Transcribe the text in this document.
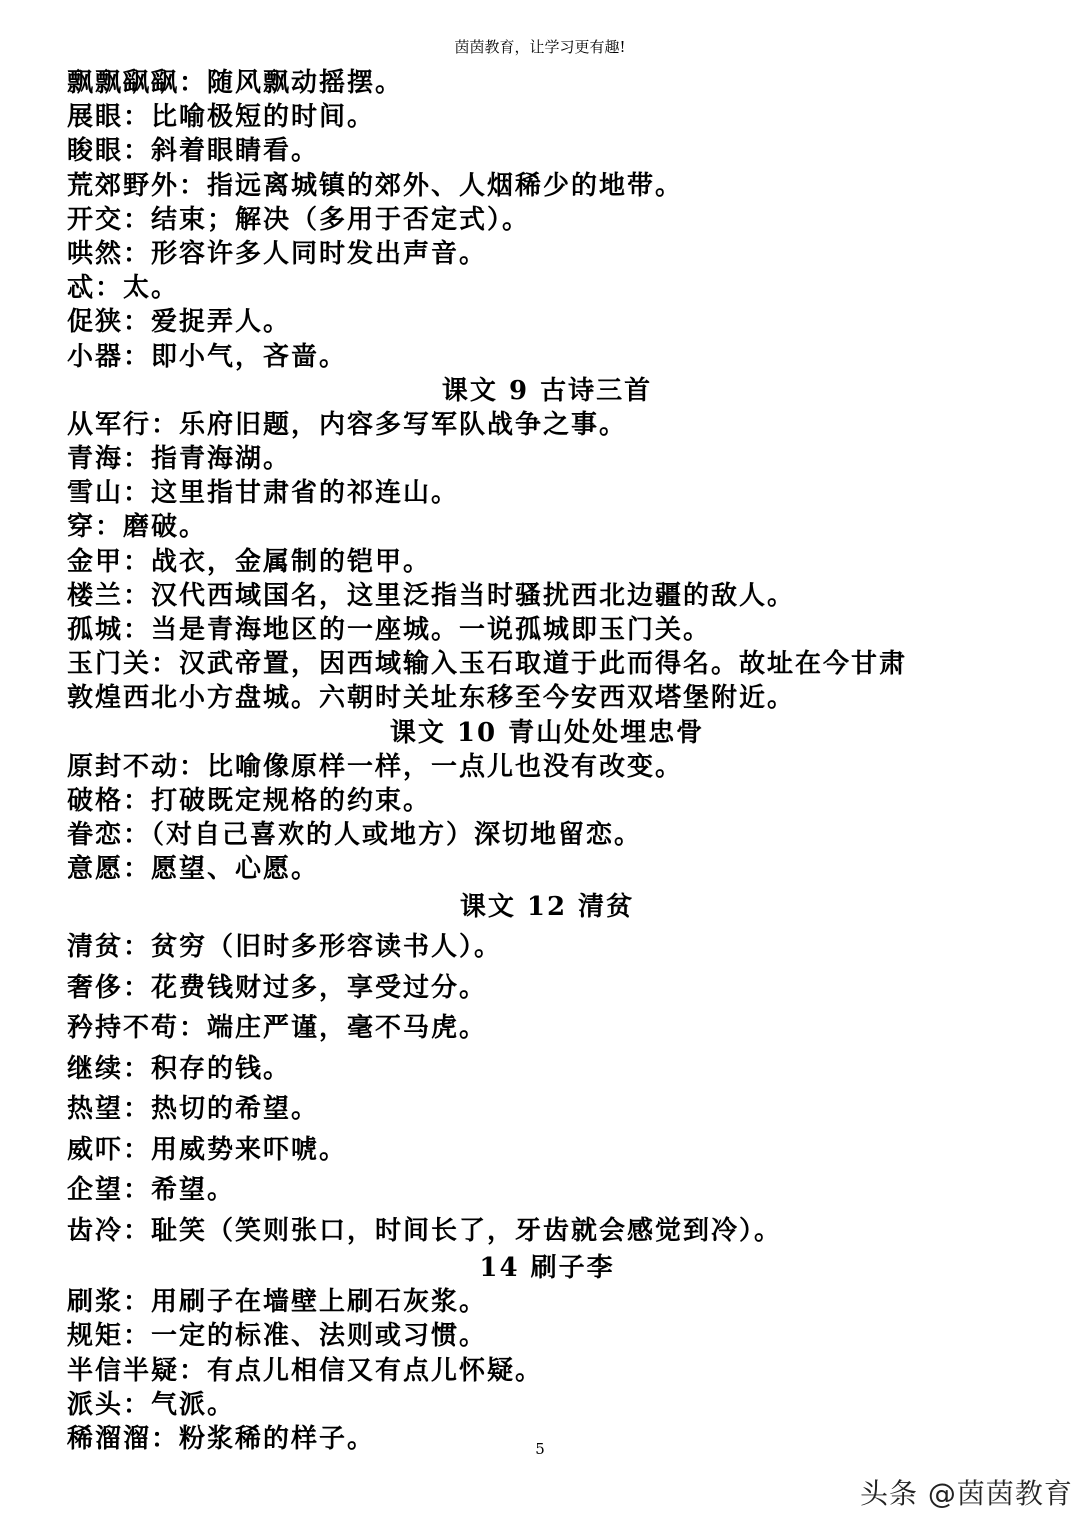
茵茵教育，让学习更有趣!
飘飘飖飖：随风飘动摇摆。
展眼：比喻极短的时间。
睃眼：斜着眼睛看。
荒郊野外：指远离城镇的郊外、人烟稀少的地带。
开交：结束；解决（多用于否定式）。
哄然：形容许多人同时发出声音。
忒：太。
促狭：爱捉弄人。
小器：即小气，吝啬。
课文 9 古诗三首
从军行：乐府旧题，内容多写军队战争之事。
青海：指青海湖。
雪山：这里指甘肃省的祁连山。
穿：磨破。
金甲：战衣，金属制的铠甲。
楼兰：汉代西域国名，这里泛指当时骚扰西北边疆的敌人。
孤城：当是青海地区的一座城。一说孤城即玉门关。
玉门关：汉武帝置，因西域输入玉石取道于此而得名。故址在今甘肃
敦煌西北小方盘城。六朝时关址东移至今安西双塔堡附近。
课文 10 青山处处埋忠骨
原封不动：比喻像原样一样，一点儿也没有改变。
破格：打破既定规格的约束。
眷恋：（对自己喜欢的人或地方）深切地留恋。
意愿：愿望、心愿。
课文 12 清贫
清贫：贫穷（旧时多形容读书人）。
奢侈：花费钱财过多，享受过分。
矜持不苟：端庄严谨，毫不马虎。
继续：积存的钱。
热望：热切的希望。
威吓：用威势来吓唬。
企望：希望。
齿冷：耻笑（笑则张口，时间长了，牙齿就会感觉到冷）。
14 刷子李
刷浆：用刷子在墙壁上刷石灰浆。
规矩：一定的标准、法则或习惯。
半信半疑：有点儿相信又有点儿怀疑。
派头：气派。
稀溜溜：粉浆稀的样子。	5
头条 @茵茵教育
